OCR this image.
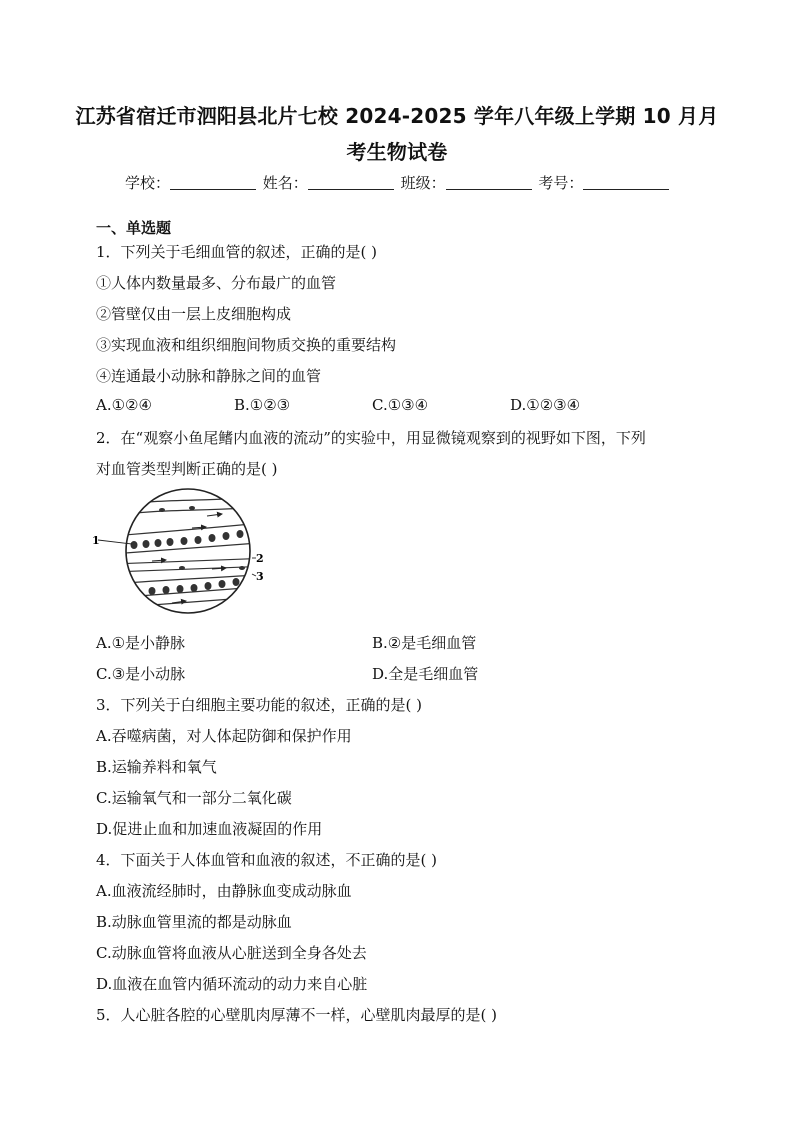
江苏省宿迁市泗阳县北片七校 2024-2025 学年八年级上学期 10 月月
考生物试卷
学校：	姓名：	班级：	考号：
一、单选题
1．下列关于毛细血管的叙述，正确的是( )
①人体内数量最多、分布最广的血管
②管壁仅由一层上皮细胞构成
③实现血液和组织细胞间物质交换的重要结构
④连通最小动脉和静脉之间的血管
A.①②④	B.①②③	C.①③④	D.①②③④
2．在“观察小鱼尾鳍内血液的流动”的实验中，用显微镜观察到的视野如下图，下列
对血管类型判断正确的是( )
1
2
3
A.①是小静脉	B.②是毛细血管
C.③是小动脉	D.全是毛细血管
3．下列关于白细胞主要功能的叙述，正确的是( )
A.吞噬病菌，对人体起防御和保护作用
B.运输养料和氧气
C.运输氧气和一部分二氧化碳
D.促进止血和加速血液凝固的作用
4．下面关于人体血管和血液的叙述，不正确的是( )
A.血液流经肺时，由静脉血变成动脉血
B.动脉血管里流的都是动脉血
C.动脉血管将血液从心脏送到全身各处去
D.血液在血管内循环流动的动力来自心脏
5．人心脏各腔的心壁肌肉厚薄不一样，心壁肌肉最厚的是( )
